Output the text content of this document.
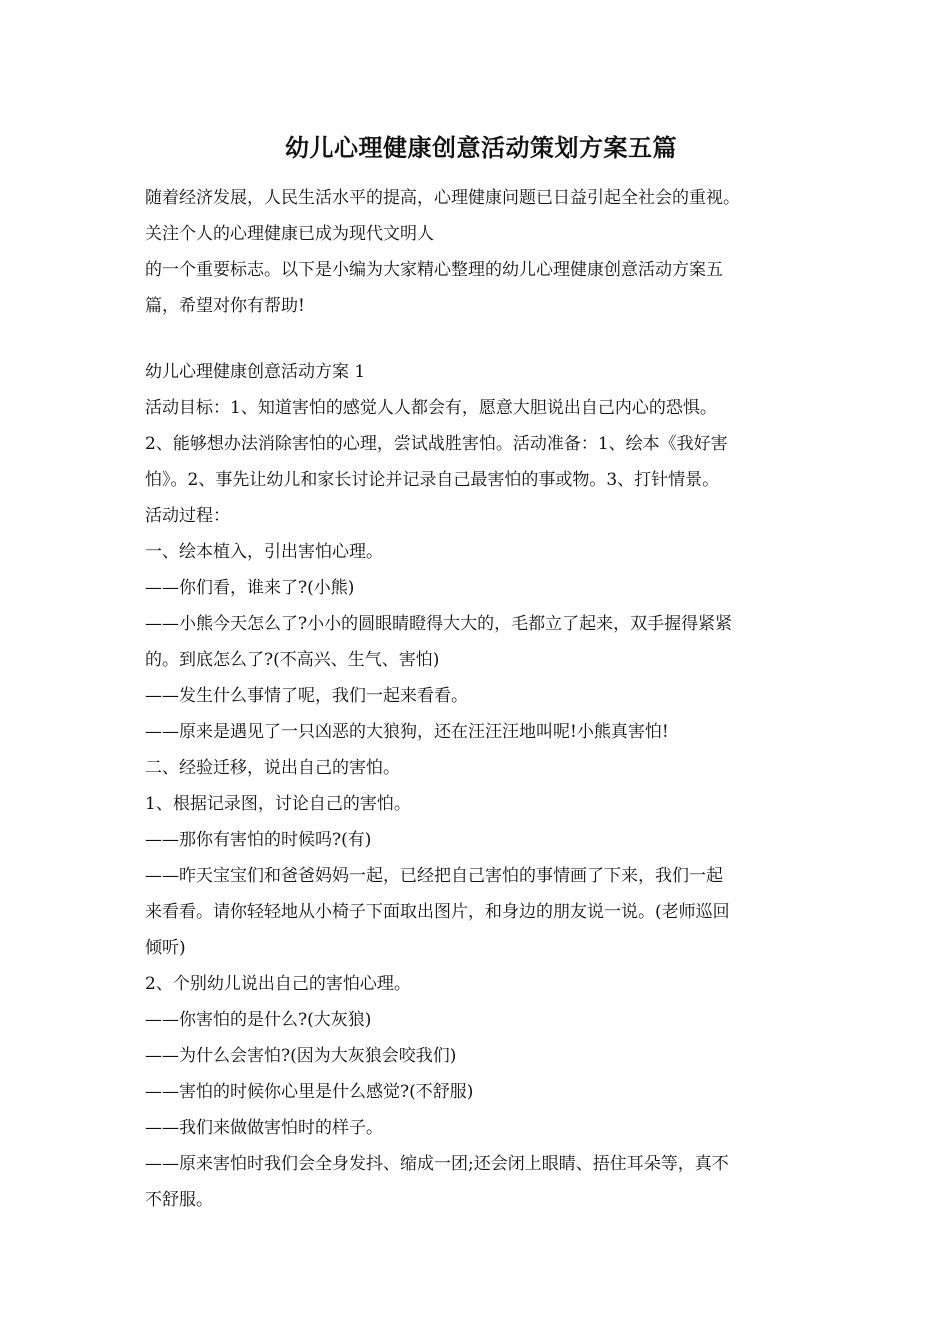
幼儿心理健康创意活动策划方案五篇
随着经济发展，人民生活水平的提高，心理健康问题已日益引起全社会的重视。
关注个人的心理健康已成为现代文明人
的一个重要标志。以下是小编为大家精心整理的幼儿心理健康创意活动方案五
篇，希望对你有帮助!
幼儿心理健康创意活动方案 1
活动目标：1、知道害怕的感觉人人都会有，愿意大胆说出自己内心的恐惧。
2、能够想办法消除害怕的心理，尝试战胜害怕。活动准备：1、绘本《我好害
怕》。2、事先让幼儿和家长讨论并记录自己最害怕的事或物。3、打针情景。
活动过程：
一、绘本植入，引出害怕心理。
——你们看，谁来了?(小熊)
——小熊今天怎么了?小小的圆眼睛瞪得大大的，毛都立了起来，双手握得紧紧
的。到底怎么了?(不高兴、生气、害怕)
——发生什么事情了呢，我们一起来看看。
——原来是遇见了一只凶恶的大狼狗，还在汪汪汪地叫呢!小熊真害怕!
二、经验迁移，说出自己的害怕。
1、根据记录图，讨论自己的害怕。
——那你有害怕的时候吗?(有)
——昨天宝宝们和爸爸妈妈一起，已经把自己害怕的事情画了下来，我们一起
来看看。请你轻轻地从小椅子下面取出图片，和身边的朋友说一说。(老师巡回
倾听)
2、个别幼儿说出自己的害怕心理。
——你害怕的是什么?(大灰狼)
——为什么会害怕?(因为大灰狼会咬我们)
——害怕的时候你心里是什么感觉?(不舒服)
——我们来做做害怕时的样子。
——原来害怕时我们会全身发抖、缩成一团;还会闭上眼睛、捂住耳朵等，真不
不舒服。
